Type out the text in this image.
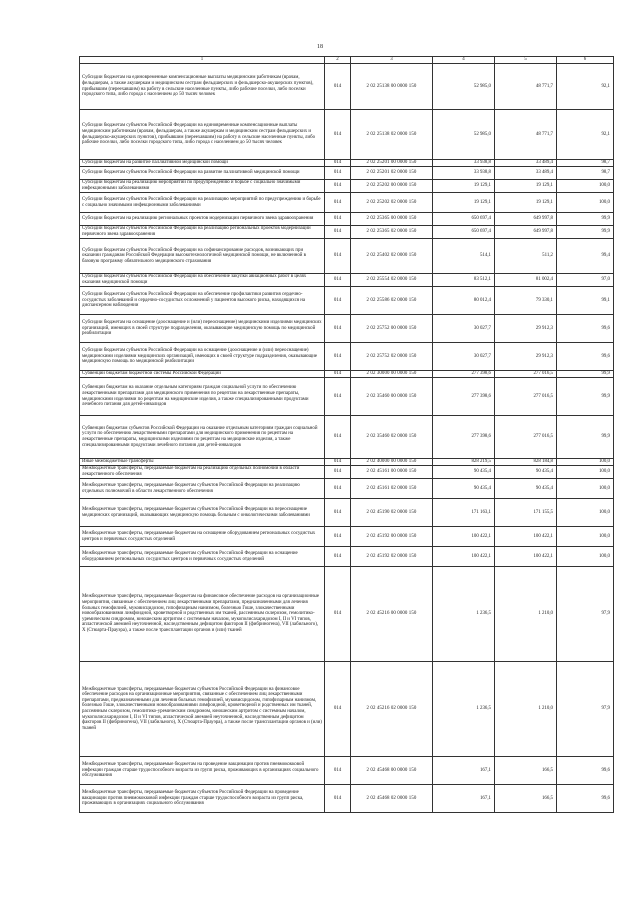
18
1	2	3	4	5	6
Субсидии бюджетам на единовременные компенсационные выплаты медицинским работникам (врачам, фельдшерам, а также акушеркам и медицинским сестрам фельдшерских и фельдшерско-акушерских пунктов), прибывшим (переехавшим) на работу в сельские населенные пункты, либо рабочие поселки, либо поселки городского типа, либо города с населением до 50 тысяч человек	014	2 02 25138 00 0000 150	52 985,0	48 771,7	92,1
Субсидии бюджетам субъектов Российской Федерации на единовременные компенсационные выплаты медицинским работникам (врачам, фельдшерам, а также акушеркам и медицинским сестрам фельдшерских и фельдшерско-акушерских пунктов), прибывшим (переехавшим) на работу в сельские населенные пункты, либо рабочие поселки, либо поселки городского типа, либо города с населением до 50 тысяч человек	014	2 02 25138 02 0000 150	52 985,0	48 771,7	92,1
Субсидии бюджетам на развитие паллиативной медицинской помощи	014	2 02 25201 00 0000 150	33 938,8	33 489,4	98,7
Субсидии бюджетам субъектов Российской Федерации на развитие паллиативной медицинской помощи	014	2 02 25201 02 0000 150	33 938,8	33 489,4	98,7
Субсидии бюджетам на реализацию мероприятий по предупреждению и борьбе с социально значимыми инфекционными заболеваниями	014	2 02 25202 00 0000 150	19 129,1	19 129,1	100,0
Субсидии бюджетам субъектов Российской Федерации на реализацию мероприятий по предупреждению и борьбе с социально значимыми инфекционными заболеваниями	014	2 02 25202 02 0000 150	19 129,1	19 129,1	100,0
Субсидии бюджетам на реализацию региональных проектов модернизации первичного звена здравоохранения	014	2 02 25365 00 0000 150	650 697,4	649 997,8	99,9
Субсидии бюджетам субъектов Российской Федерации на реализацию региональных проектов модернизации первичного звена здравоохранения	014	2 02 25365 02 0000 150	650 697,4	649 997,8	99,9
Субсидии бюджетам субъектов Российской Федерации на софинансирование расходов, возникающих при оказании гражданам Российской Федерации высокотехнологичной медицинской помощи, не включенной в базовую программу обязательного медицинского страхования	014	2 02 25402 02 0000 150	514,1	511,2	99,4
Субсидии бюджетам субъектов Российской Федерации на обеспечение закупки авиационных работ в целях оказания медицинской помощи	014	2 02 25554 02 0000 150	83 512,1	81 002,4	97,0
Субсидии бюджетам субъектов Российской Федерации на обеспечение профилактики развития сердечно-сосудистых заболеваний и сердечно-сосудистых осложнений у пациентов высокого риска, находящихся на диспансерном наблюдении	014	2 02 25586 02 0000 150	80 012,4	79 330,1	99,1
Субсидии бюджетам на оснащение (дооснащение и (или) переоснащение) медицинскими изделиями медицинских организаций, имеющих в своей структуре подразделения, оказывающие медицинскую помощь по медицинской реабилитации	014	2 02 25752 00 0000 150	30 027,7	29 912,3	99,6
Субсидии бюджетам субъектов Российской Федерации на оснащение (дооснащение и (или) переоснащение) медицинскими изделиями медицинских организаций, имеющих в своей структуре подразделения, оказывающие медицинскую помощь по медицинской реабилитации	014	2 02 25752 02 0000 150	30 027,7	29 912,3	99,6
Субвенции бюджетам бюджетной системы Российской Федерации	014	2 02 30000 00 0000 150	277 398,6	277 016,5	99,9
Субвенции бюджетам на оказание отдельным категориям граждан социальной услуги по обеспечению лекарственными препаратами для медицинского применения по рецептам на лекарственные препараты, медицинскими изделиями по рецептам на медицинские изделия, а также специализированными продуктами лечебного питания для детей-инвалидов	014	2 02 35460 00 0000 150	277 398,6	277 016,5	99,9
Субвенции бюджетам субъектов Российской Федерации на оказание отдельным категориям граждан социальной услуги по обеспечению лекарственными препаратами для медицинского применения по рецептам на лекарственные препараты, медицинскими изделиями по рецептам на медицинские изделия, а также специализированными продуктами лечебного питания для детей-инвалидов	014	2 02 35460 02 0000 150	277 398,6	277 016,5	99,9
Иные межбюджетные трансферты	014	2 02 40000 00 0000 150	828 219,5	828 184,8	100,0
Межбюджетные трансферты, передаваемые бюджетам на реализацию отдельных полномочий в области лекарственного обеспечения	014	2 02 45161 00 0000 150	90 435,4	90 435,4	100,0
Межбюджетные трансферты, передаваемые бюджетам субъектов Российской Федерации на реализацию отдельных полномочий в области лекарственного обеспечения	014	2 02 45161 02 0000 150	90 435,4	90 435,4	100,0
Межбюджетные трансферты, передаваемые бюджетам субъектов Российской Федерации на переоснащение медицинских организаций, оказывающих медицинскую помощь больным с онкологическими заболеваниями	014	2 02 45190 02 0000 150	171 163,1	171 155,5	100,0
Межбюджетные трансферты, передаваемые бюджетам на оснащение оборудованием региональных сосудистых центров и первичных сосудистых отделений	014	2 02 45192 00 0000 150	100 422,1	100 422,1	100,0
Межбюджетные трансферты, передаваемые бюджетам субъектов Российской Федерации на оснащение оборудованием региональных сосудистых центров и первичных сосудистых отделений	014	2 02 45192 02 0000 150	100 422,1	100 422,1	100,0
Межбюджетные трансферты, передаваемые бюджетам на финансовое обеспечение расходов на организационные мероприятия, связанные с обеспечением лиц лекарственными препаратами, предназначенными для лечения больных гемофилией, муковисцидозом, гипофизарным нанизмом, болезнью Гоше, злокачественными новообразованиями лимфоидной, кроветворной и родственных им тканей, рассеянным склерозом, гемолитико-уремическим синдромом, юношеским артритом с системным началом, мукополисахаридозом I, II и VI типов, апластической анемией неуточненной, наследственным дефицитом факторов II (фибриногена), VII (лабильного), X (Стюарта-Прауэра), а также после трансплантации органов и (или) тканей	014	2 02 45216 00 0000 150	1 236,5	1 210,0	97,9
Межбюджетные трансферты, передаваемые бюджетам субъектов Российской Федерации на финансовое обеспечение расходов на организационные мероприятия, связанные с обеспечением лиц лекарственными препаратами, предназначенными для лечения больных гемофилией, муковисцидозом, гипофизарным нанизмом, болезнью Гоше, злокачественными новообразованиями лимфоидной, кроветворной и родственных им тканей, рассеянным склерозом, гемолитико-уремическим синдромом, юношеским артритом с системным началом, мукополисахаридозом I, II и VI типов, апластической анемией неуточненной, наследственным дефицитом факторов II (фибриногена), VII (лабильного), X (Стюарта-Прауэра), а также после трансплантации органов и (или) тканей	014	2 02 45216 02 0000 150	1 236,5	1 210,0	97,9
Межбюджетные трансферты, передаваемые бюджетам на проведение вакцинации против пневмококковой инфекции граждан старше трудоспособного возраста из групп риска, проживающих в организациях социального обслуживания	014	2 02 45468 00 0000 150	167,1	166,5	99,6
Межбюджетные трансферты, передаваемые бюджетам субъектов Российской Федерации на проведение вакцинации против пневмококковой инфекции граждан старше трудоспособного возраста из групп риска, проживающих в организациях социального обслуживания	014	2 02 45468 02 0000 150	167,1	166,5	99,6
